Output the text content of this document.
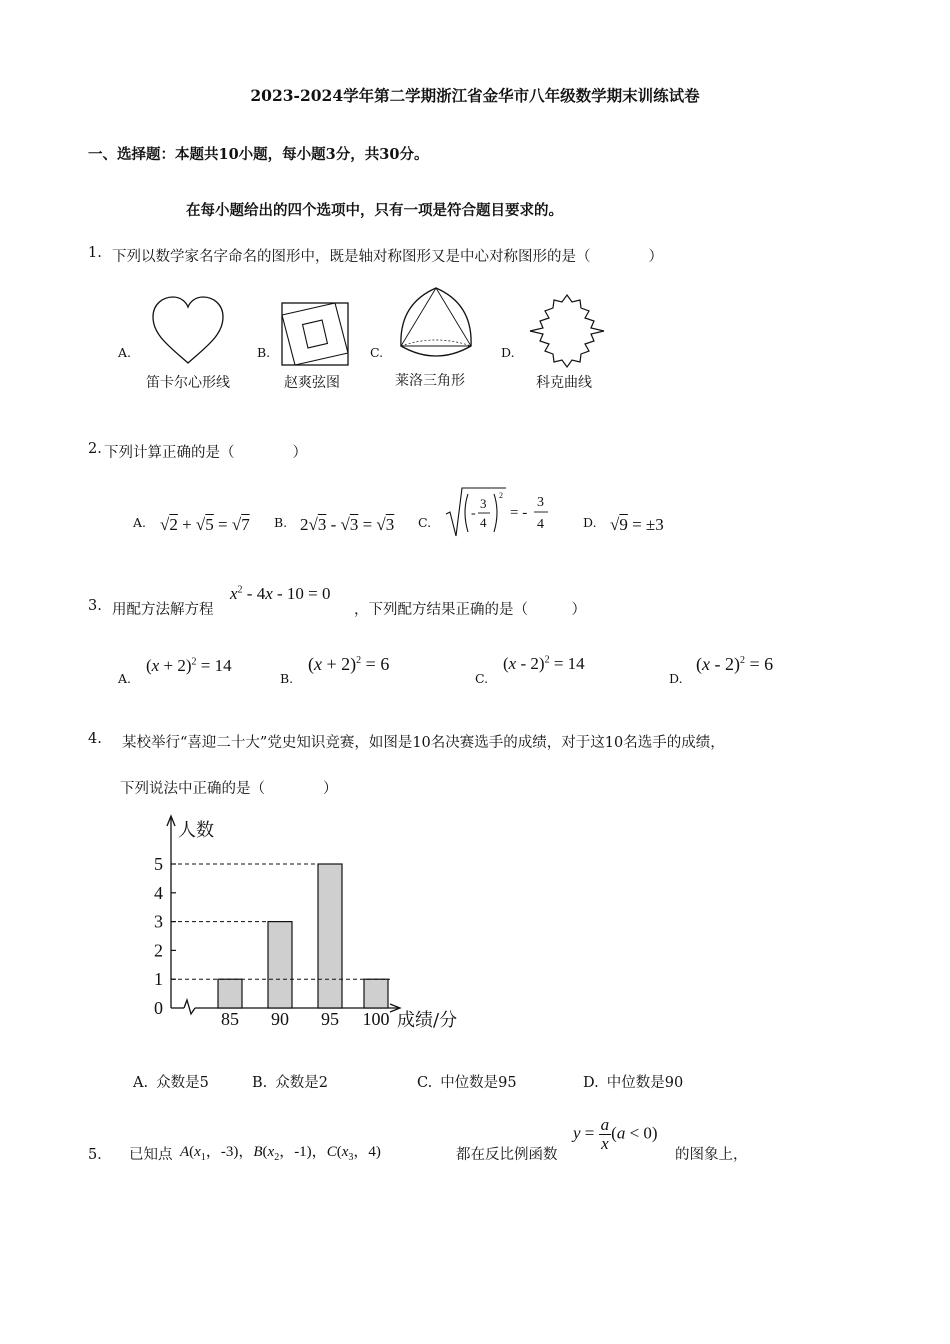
2023-2024学年第二学期浙江省金华市八年级数学期末训练试卷
一、选择题：本题共10小题，每小题3分，共30分。
在每小题给出的四个选项中，只有一项是符合题目要求的。
1. 下列以数学家名字命名的图形中，既是轴对称图形又是中心对称图形的是（　　　　）
A.
笛卡尔心形线
B.
赵爽弦图
C.
莱洛三角形
D.
科克曲线
2. 下列计算正确的是（　　　　）
A. √2 + √5 = √7 B. 2√3 - √3 = √3 C.
-
3
4
2
= -
3
4	D. √9 = ±3
3. 用配方法解方程
$x^2 - 4x - 10 = 0$
，下列配方结果正确的是（　　　）
A.
$(x + 2)^2 = 14$
B.
$(x + 2)^2 = 6$
C.
(x - 2)$^2$ = 14
D.
(x - 2)$^2$ = 6
4. 某校举行“喜迎二十大”党史知识竞赛，如图是10名决赛选手的成绩，对于这10名选手的成绩，
下列说法中正确的是（　　　　）
人数
成绩/分
0
1
2
3
4
5
85 90 95 100
A. 众数是5	B. 众数是2	C. 中位数是95	D. 中位数是90
5． 已知点 $A(x_1$，-3)，$B(x_2$，-1)，$C(x_3$，4)	都在反比例函数
$y = \frac{a}{x} (a < 0)$
的图象上，
